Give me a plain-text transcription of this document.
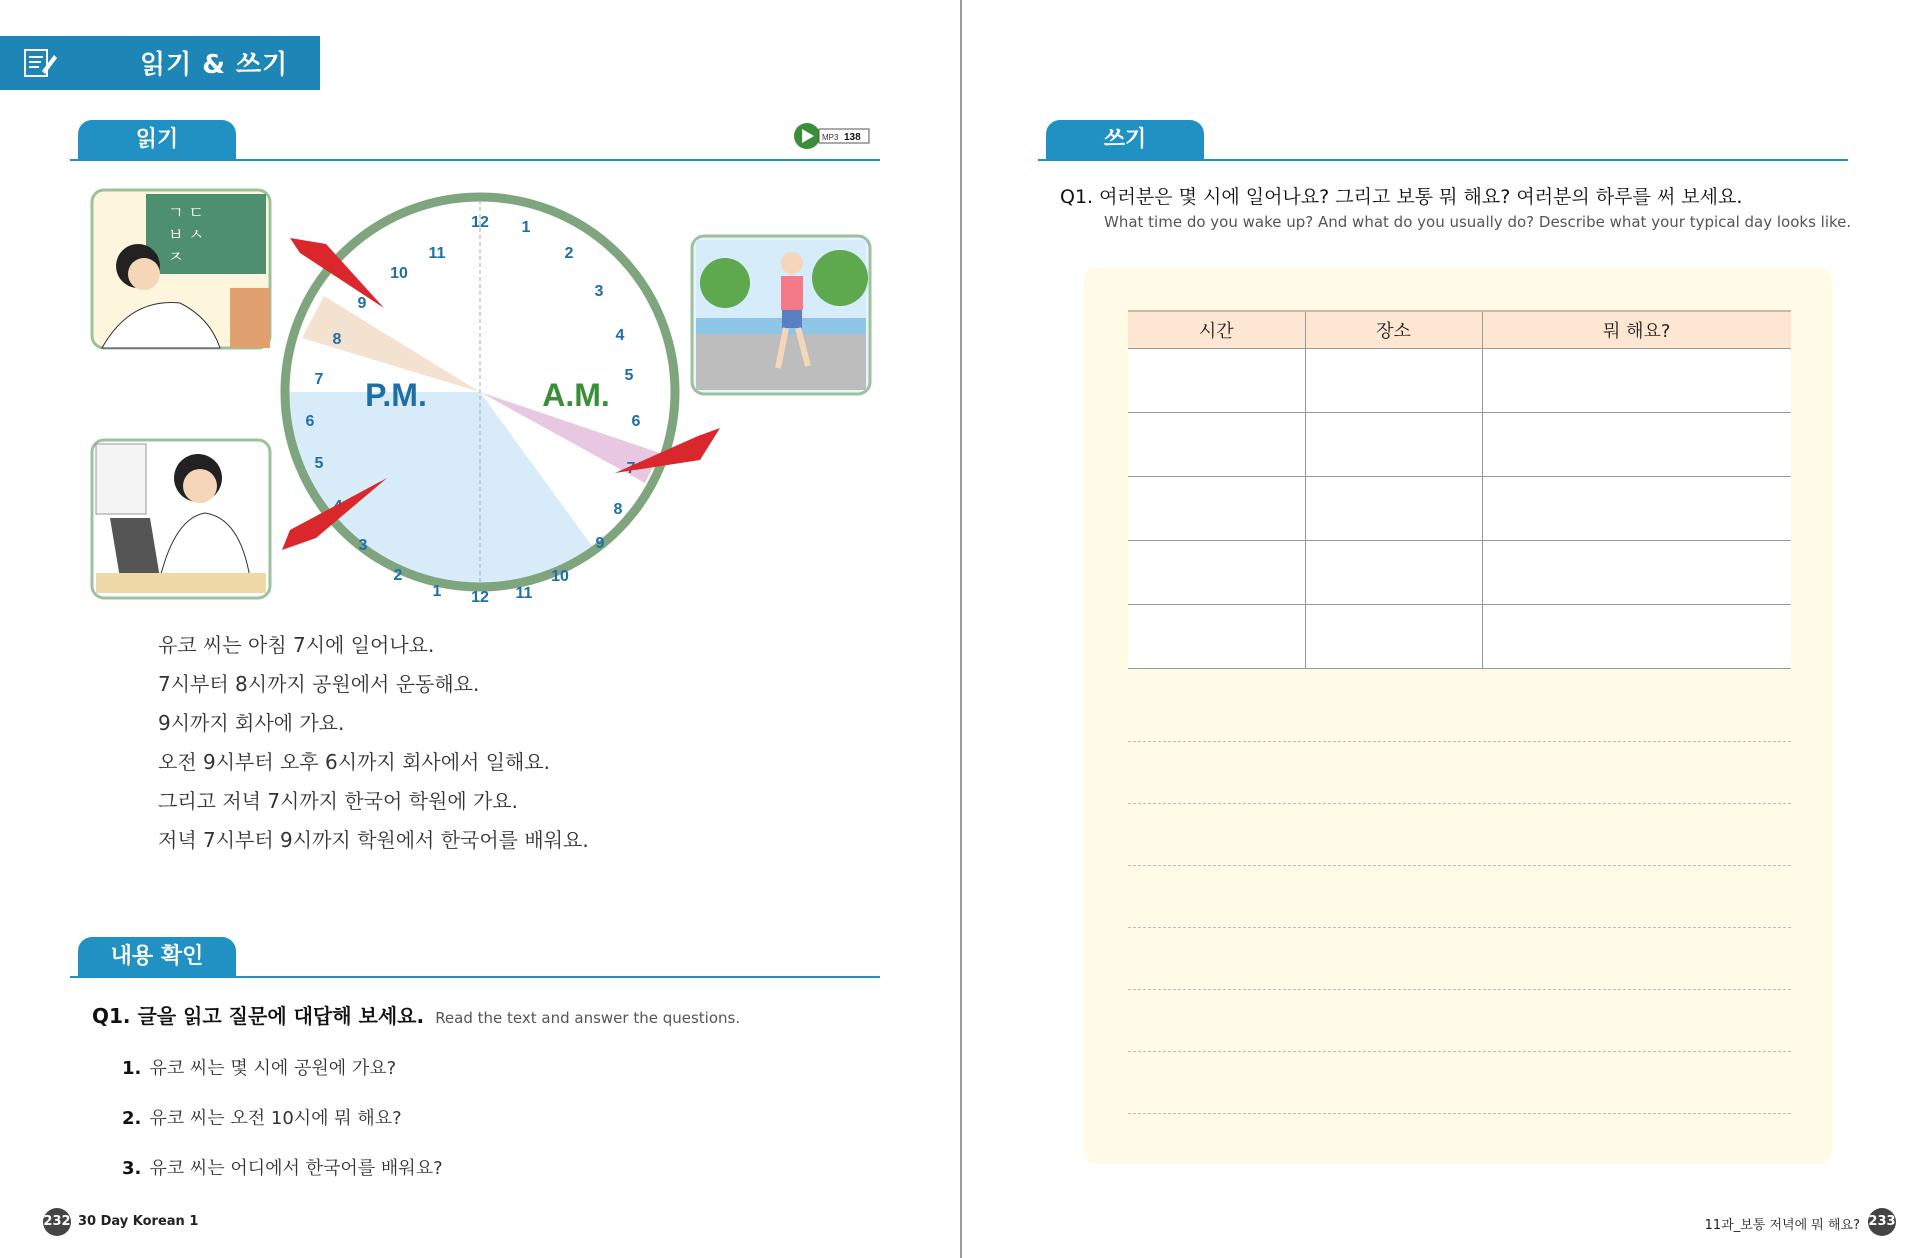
읽기 & 쓰기
읽기	MP3 138
ㄱ ㄷ
ㅂ ㅅ
ㅈ
12 1
2
3
4
5
6
8
9
10
11
12
1
2
3
5
6
7
8
9
10
11
P.M.	A.M.
유코 씨는 아침 7시에 일어나요.
7시부터 8시까지 공원에서 운동해요.
9시까지 회사에 가요.
오전 9시부터 오후 6시까지 회사에서 일해요.
그리고 저녁 7시까지 한국어 학원에 가요.
저녁 7시부터 9시까지 학원에서 한국어를 배워요.
내용 확인
Q1. 글을 읽고 질문에 대답해 보세요. Read the text and answer the questions.
1. 유코 씨는 몇 시에 공원에 가요?
2. 유코 씨는 오전 10시에 뭐 해요?
3. 유코 씨는 어디에서 한국어를 배워요?
232 30 Day Korean 1
쓰기
Q1. 여러분은 몇 시에 일어나요? 그리고 보통 뭐 해요? 여러분의 하루를 써 보세요.
What time do you wake up? And what do you usually do? Describe what your typical day looks like.
시간	장소	뭐 해요?

11과_보통 저녁에 뭐 해요? 233
